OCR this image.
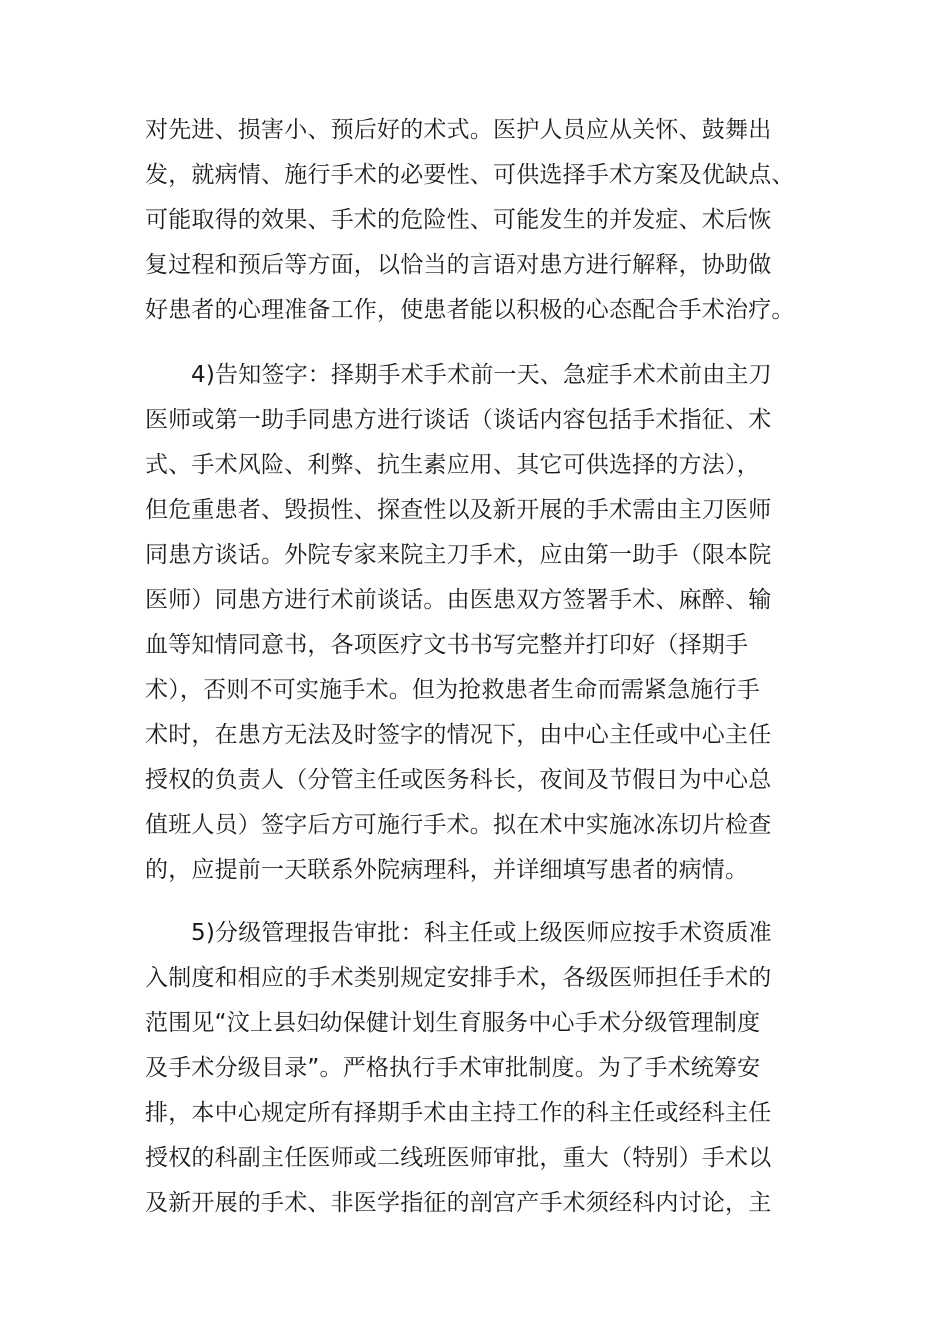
对先进、损害小、预后好的术式。医护人员应从关怀、鼓舞出
发，就病情、施行手术的必要性、可供选择手术方案及优缺点、
可能取得的效果、手术的危险性、可能发生的并发症、术后恢
复过程和预后等方面，以恰当的言语对患方进行解释，协助做
好患者的心理准备工作，使患者能以积极的心态配合手术治疗。
4)告知签字：择期手术手术前一天、急症手术术前由主刀
医师或第一助手同患方进行谈话（谈话内容包括手术指征、术
式、手术风险、利弊、抗生素应用、其它可供选择的方法），
但危重患者、毁损性、探查性以及新开展的手术需由主刀医师
同患方谈话。外院专家来院主刀手术，应由第一助手（限本院
医师）同患方进行术前谈话。由医患双方签署手术、麻醉、输
血等知情同意书，各项医疗文书书写完整并打印好（择期手
术），否则不可实施手术。但为抢救患者生命而需紧急施行手
术时，在患方无法及时签字的情况下，由中心主任或中心主任
授权的负责人（分管主任或医务科长，夜间及节假日为中心总
值班人员）签字后方可施行手术。拟在术中实施冰冻切片检查
的，应提前一天联系外院病理科，并详细填写患者的病情。
5)分级管理报告审批：科主任或上级医师应按手术资质准
入制度和相应的手术类别规定安排手术，各级医师担任手术的
范围见“汶上县妇幼保健计划生育服务中心手术分级管理制度
及手术分级目录”。严格执行手术审批制度。为了手术统筹安
排，本中心规定所有择期手术由主持工作的科主任或经科主任
授权的科副主任医师或二线班医师审批，重大（特别）手术以
及新开展的手术、非医学指征的剖宫产手术须经科内讨论，主
